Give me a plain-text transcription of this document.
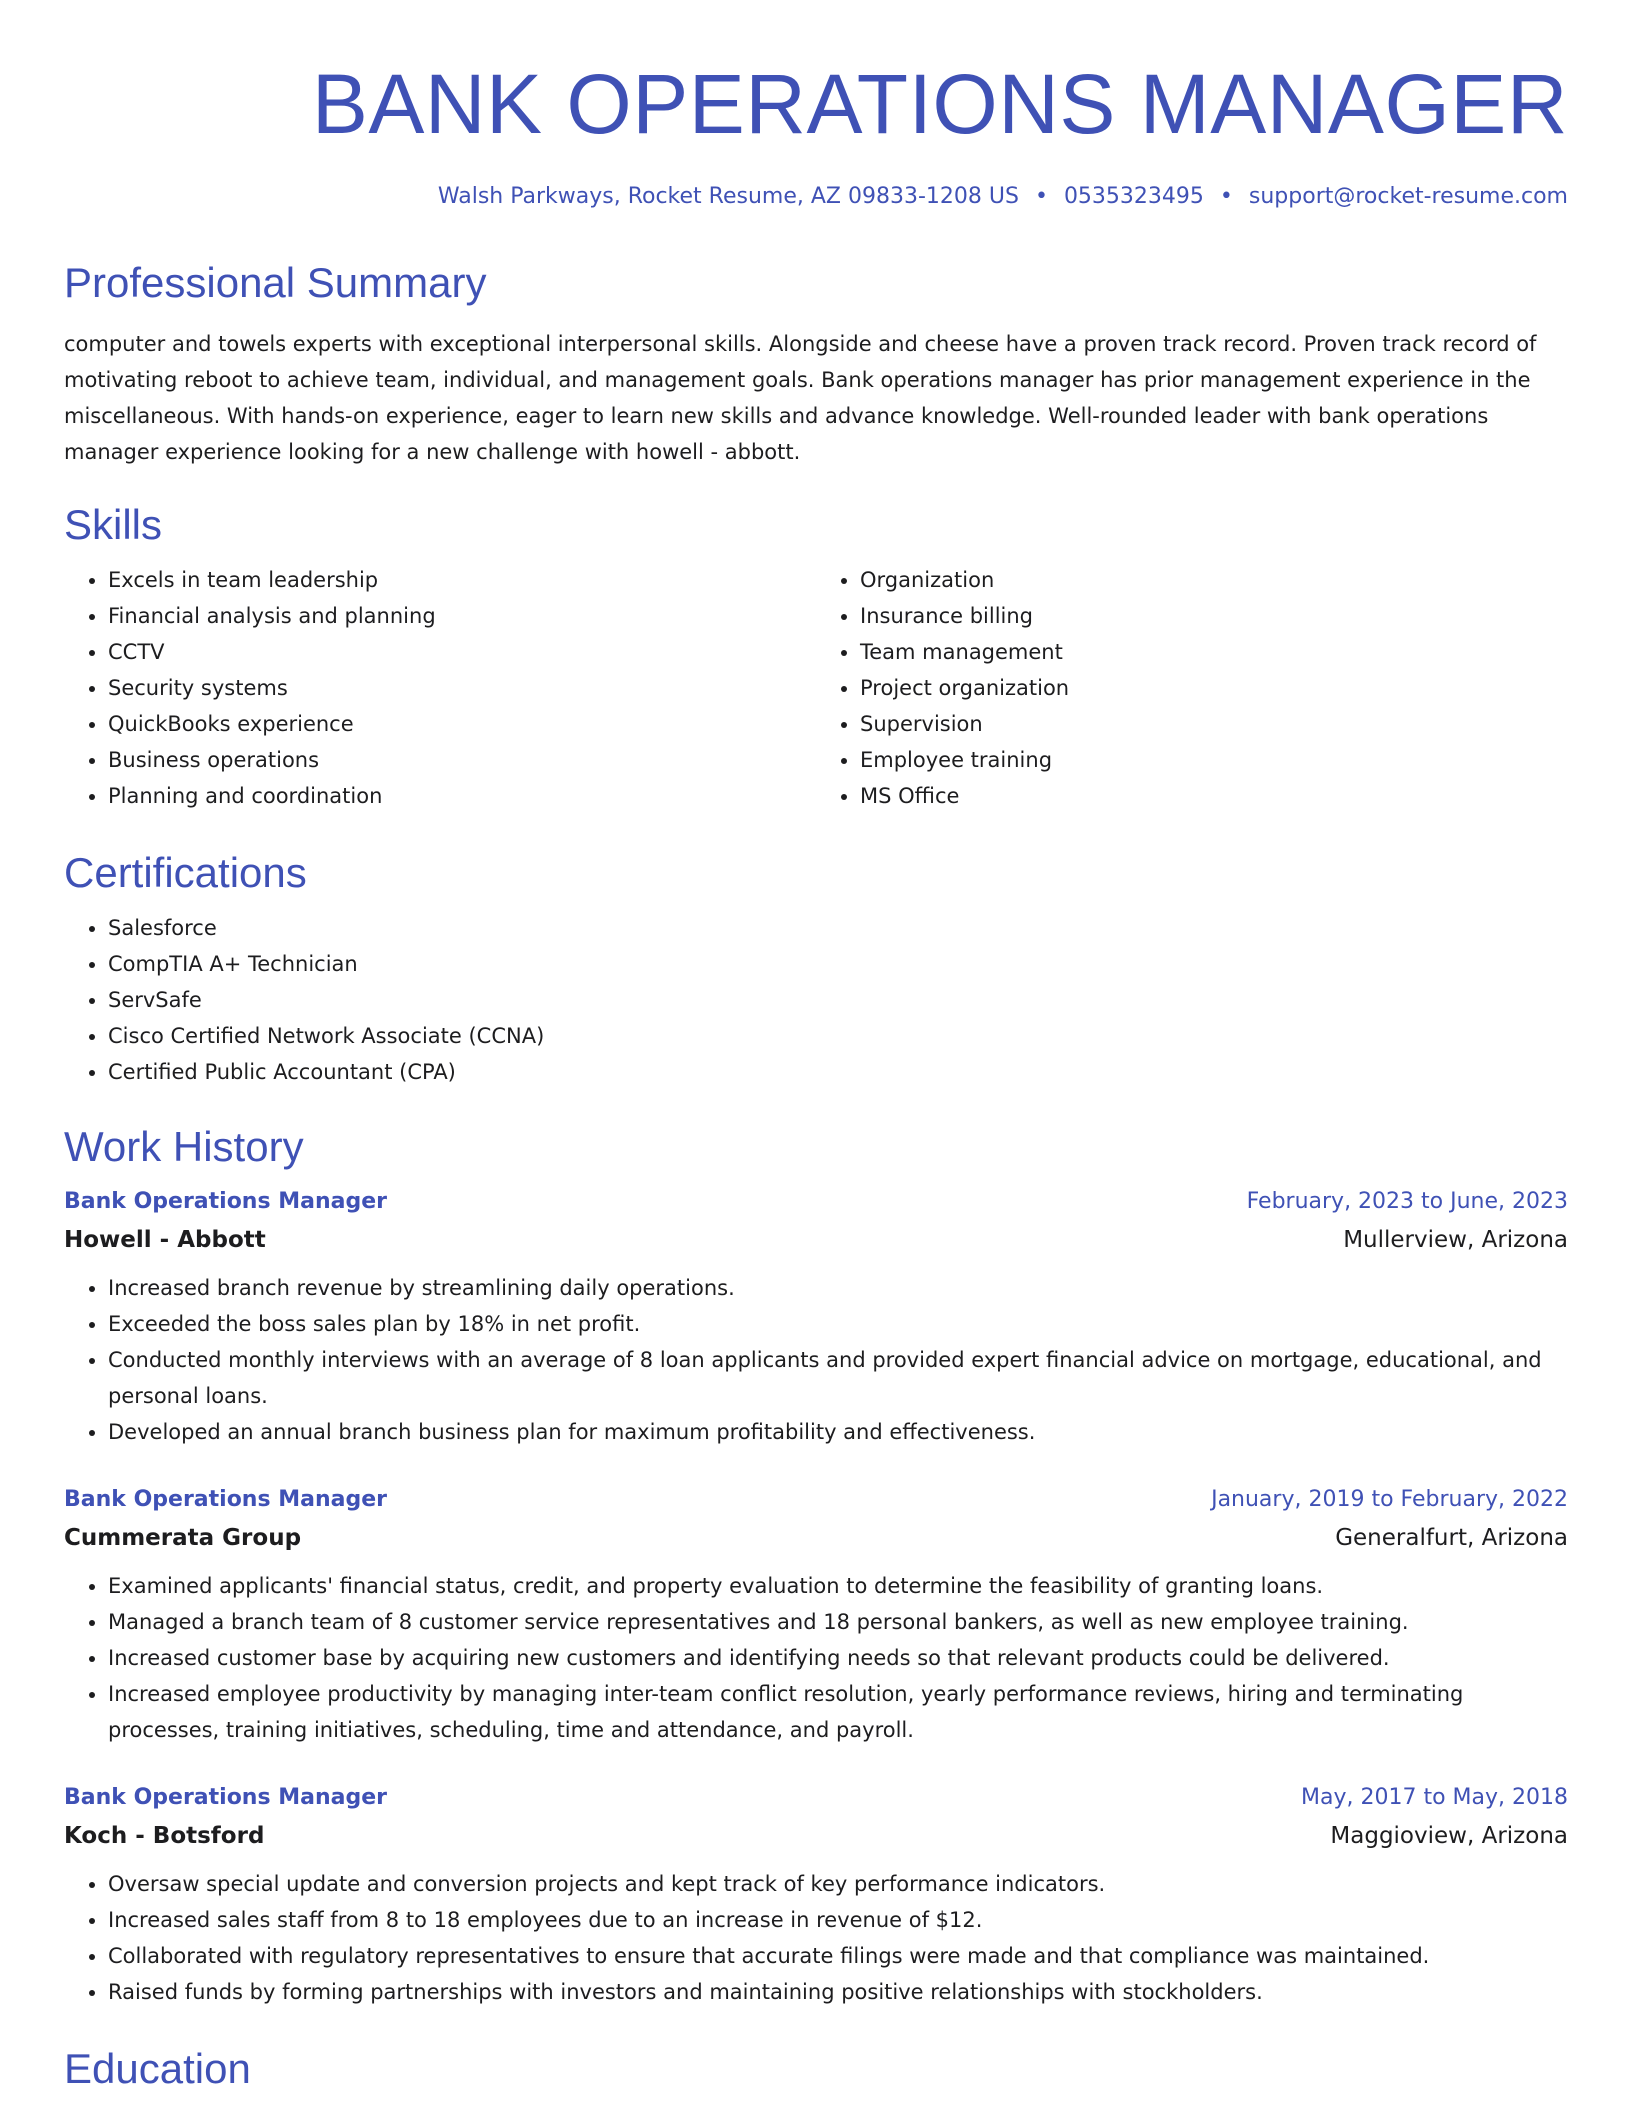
BANK OPERATIONS MANAGER
Walsh Parkways, Rocket Resume, AZ 09833-1208 US • 0535323495 • support@rocket-resume.com
Professional Summary

computer and towels experts with exceptional interpersonal skills. Alongside and cheese have a proven track record. Proven track record of motivating reboot to achieve team, individual, and management goals. Bank operations manager has prior management experience in the miscellaneous. With hands-on experience, eager to learn new skills and advance knowledge. Well-rounded leader with bank operations manager experience looking for a new challenge with howell - abbott.

Skills
• Excels in team leadership
• Financial analysis and planning
• CCTV
• Security systems
• QuickBooks experience
• Business operations
• Planning and coordination
• Organization
• Insurance billing
• Team management
• Project organization
• Supervision
• Employee training
• MS Office
Certifications
• Salesforce
• CompTIA A+ Technician
• ServSafe
• Cisco Certified Network Associate (CCNA)
• Certified Public Accountant (CPA)
Work History
Bank Operations Manager	February, 2023 to June, 2023
Howell - Abbott	Mullerview, Arizona
• Increased branch revenue by streamlining daily operations.
• Exceeded the boss sales plan by 18% in net profit.
• Conducted monthly interviews with an average of 8 loan applicants and provided expert financial advice on mortgage, educational, and personal loans.
• Developed an annual branch business plan for maximum profitability and effectiveness.
Bank Operations Manager	January, 2019 to February, 2022
Cummerata Group	Generalfurt, Arizona
• Examined applicants' financial status, credit, and property evaluation to determine the feasibility of granting loans.
• Managed a branch team of 8 customer service representatives and 18 personal bankers, as well as new employee training.
• Increased customer base by acquiring new customers and identifying needs so that relevant products could be delivered.
• Increased employee productivity by managing inter-team conflict resolution, yearly performance reviews, hiring and terminating processes, training initiatives, scheduling, time and attendance, and payroll.
Bank Operations Manager	May, 2017 to May, 2018
Koch - Botsford	Maggioview, Arizona
• Oversaw special update and conversion projects and kept track of key performance indicators.
• Increased sales staff from 8 to 18 employees due to an increase in revenue of $12.
• Collaborated with regulatory representatives to ensure that accurate filings were made and that compliance was maintained.
• Raised funds by forming partnerships with investors and maintaining positive relationships with stockholders.
Education
